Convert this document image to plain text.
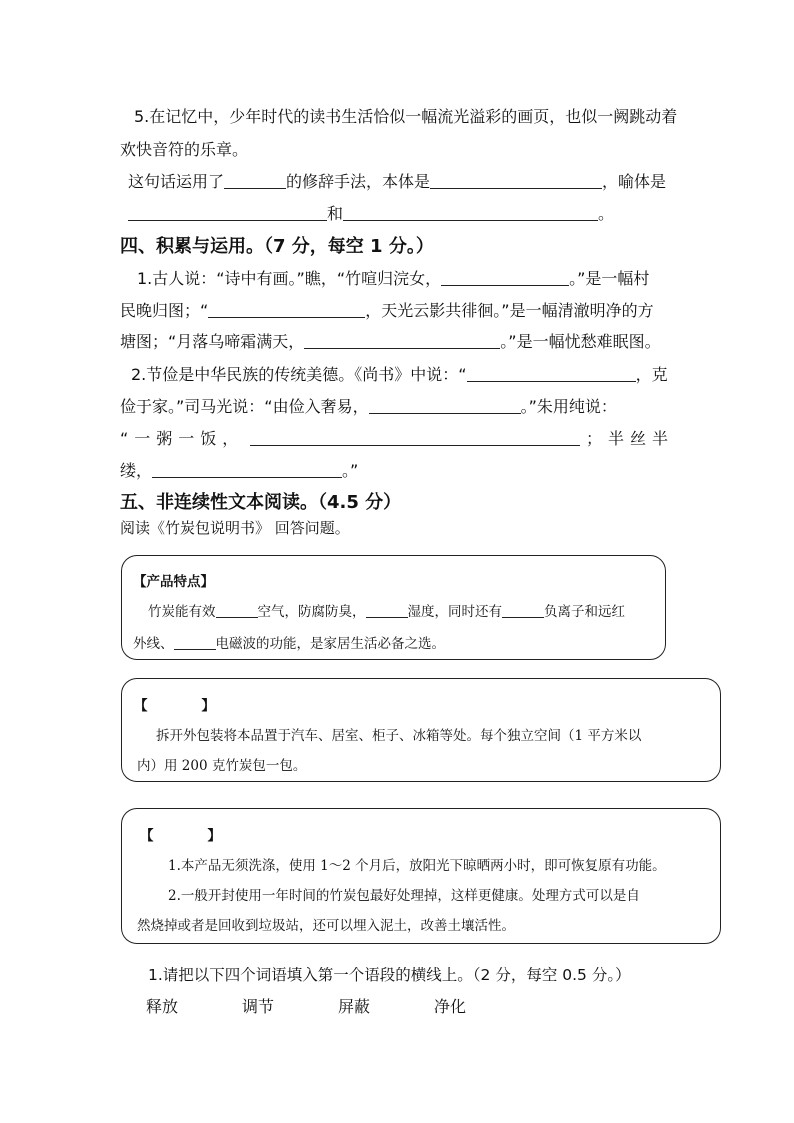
5.在记忆中，少年时代的读书生活恰似一幅流光溢彩的画页，也似一阙跳动着
欢快音符的乐章。
这句话运用了	的修辞手法，本体是	，喻体是
和	。
四、积累与运用。（7 分，每空 1 分。）
1.古人说：“诗中有画。”瞧，“竹喧归浣女，	。”是一幅村
民晚归图；“	，天光云影共徘徊。”是一幅清澈明净的方
塘图；“月落乌啼霜满天，	。”是一幅忧愁难眠图。
2.节俭是中华民族的传统美德。《尚书》中说：“	，克
俭于家。”司马光说：“由俭入奢易，	。”朱用纯说：
“一粥一饭，	；半丝半
缕，	。”
五、非连续性文本阅读。（4.5 分）
阅读《竹炭包说明书》 回答问题。
【产品特点】
竹炭能有效	空气，防腐防臭，	湿度，同时还有	负离子和远红
外线、	电磁波的功能，是家居生活必备之选。
【　　　　】
拆开外包装将本品置于汽车、居室、柜子、冰箱等处。每个独立空间（1 平方米以
内）用 200 克竹炭包一包。
【　　　　】
1.本产品无须洗涤，使用 1～2 个月后，放阳光下晾晒两小时，即可恢复原有功能。
2.一般开封使用一年时间的竹炭包最好处理掉，这样更健康。处理方式可以是自
然烧掉或者是回收到垃圾站，还可以埋入泥土，改善土壤活性。
1.请把以下四个词语填入第一个语段的横线上。（2 分，每空 0.5 分。）
释放	调节	屏蔽	净化
